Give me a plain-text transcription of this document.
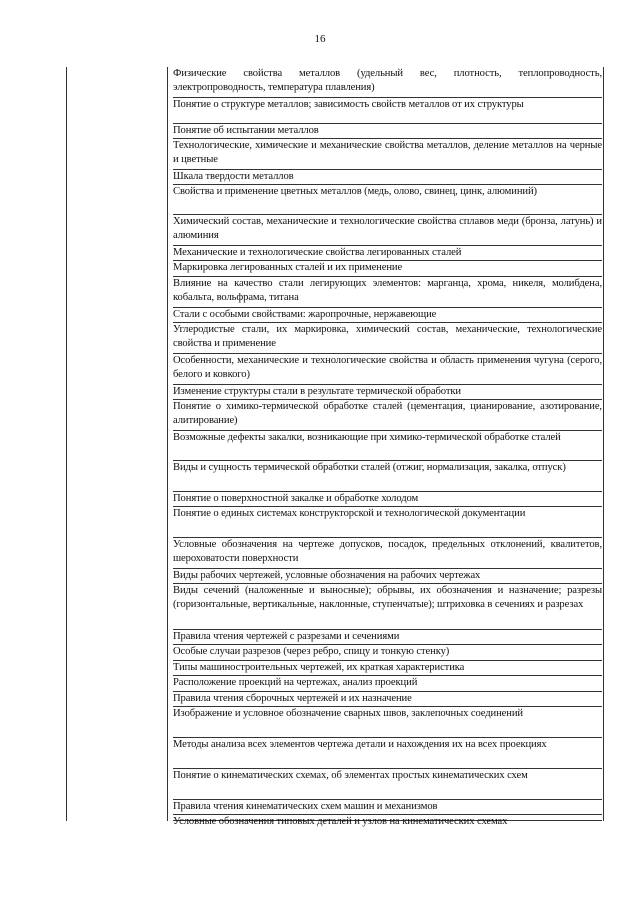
16
Физические свойства металлов (удельный вес, плотность, теплопроводность, электропроводность, температура плавления)
Понятие о структуре металлов; зависимость свойств металлов от их структуры
Понятие об испытании металлов
Технологические, химические и механические свойства металлов, деление металлов на черные и цветные
Шкала твердости металлов
Свойства и применение цветных металлов (медь, олово, свинец, цинк, алюминий)
Химический состав, механические и технологические свойства сплавов меди (бронза, латунь) и алюминия
Механические и технологические свойства легированных сталей
Маркировка легированных сталей и их применение
Влияние на качество стали легирующих элементов: марганца, хрома, никеля, молибдена, кобальта, вольфрама, титана
Стали с особыми свойствами: жаропрочные, нержавеющие
Углеродистые стали, их маркировка, химический состав, механические, технологические свойства и применение
Особенности, механические и технологические свойства и область применения чугуна (серого, белого и ковкого)
Изменение структуры стали в результате термической обработки
Понятие о химико-термической обработке сталей (цементация, цианирование, азотирование, алитирование)
Возможные дефекты закалки, возникающие при химико-термической обработке сталей
Виды и сущность термической обработки сталей (отжиг, нормализация, закалка, отпуск)
Понятие о поверхностной закалке и обработке холодом
Понятие о единых системах конструкторской и технологической документации
Условные обозначения на чертеже допусков, посадок, предельных отклонений, квалитетов, шероховатости поверхности
Виды рабочих чертежей, условные обозначения на рабочих чертежах
Виды сечений (наложенные и выносные); обрывы, их обозначения и назначение; разрезы (горизонтальные, вертикальные, наклонные, ступенчатые); штриховка в сечениях и разрезах
Правила чтения чертежей с разрезами и сечениями
Особые случаи разрезов (через ребро, спицу и тонкую стенку)
Типы машиностроительных чертежей, их краткая характеристика
Расположение проекций на чертежах, анализ проекций
Правила чтения сборочных чертежей и их назначение
Изображение и условное обозначение сварных швов, заклепочных соединений
Методы анализа всех элементов чертежа детали и нахождения их на всех проекциях
Понятие о кинематических схемах, об элементах простых кинематических схем
Правила чтения кинематических схем машин и механизмов
Условные обозначения типовых деталей и узлов на кинематических схемах
